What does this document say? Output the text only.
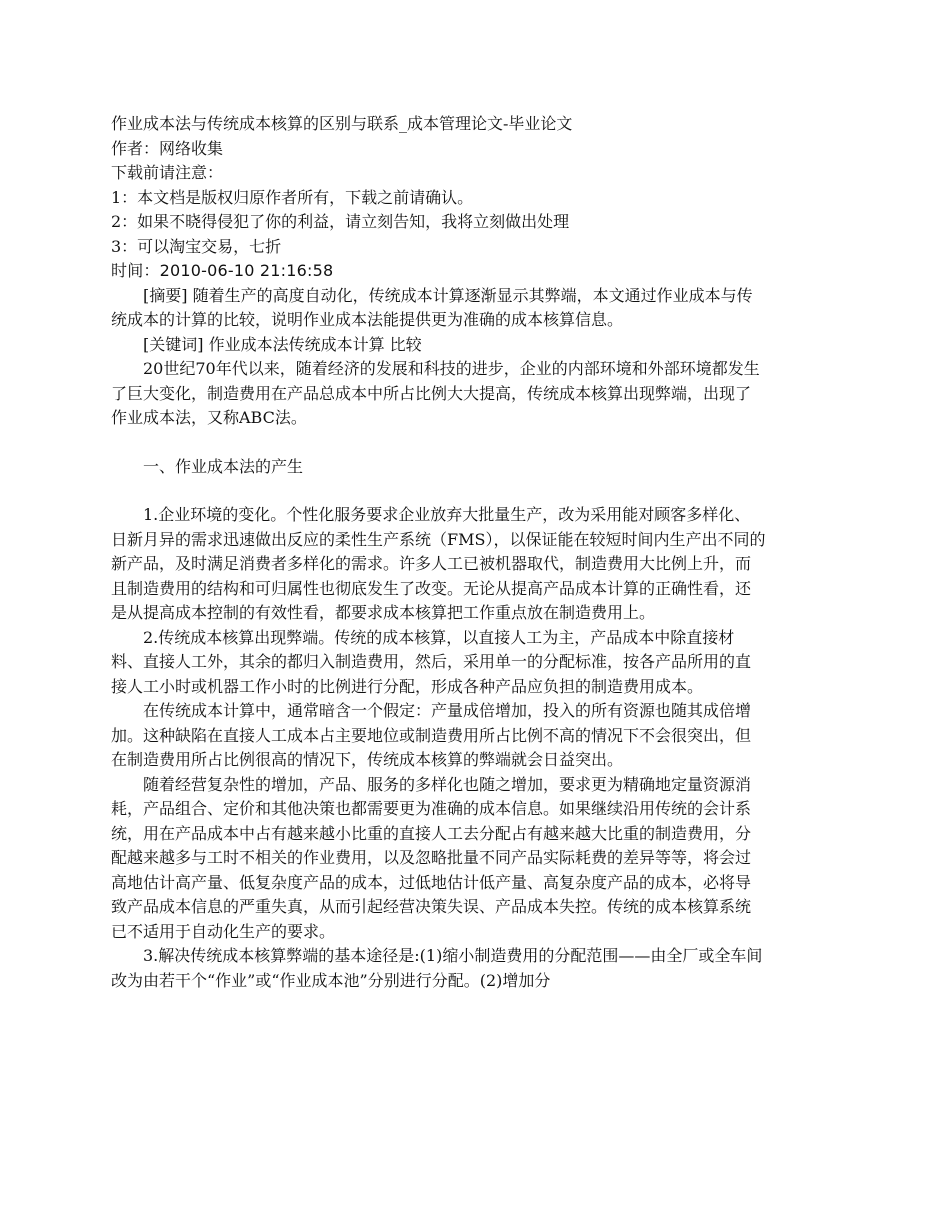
作业成本法与传统成本核算的区别与联系_成本管理论文-毕业论文

作者：网络收集

下载前请注意：

1：本文档是版权归原作者所有，下载之前请确认。

2：如果不晓得侵犯了你的利益，请立刻告知，我将立刻做出处理

3：可以淘宝交易，七折

时间：2010-06-10 21:16:58

[摘要] 随着生产的高度自动化，传统成本计算逐渐显示其弊端，本文通过作业成本与传统成本的计算的比较，说明作业成本法能提供更为准确的成本核算信息。

[关键词] 作业成本法传统成本计算 比较

20世纪70年代以来，随着经济的发展和科技的进步，企业的内部环境和外部环境都发生了巨大变化，制造费用在产品总成本中所占比例大大提高，传统成本核算出现弊端，出现了作业成本法，又称ABC法。

一、作业成本法的产生

1.企业环境的变化。个性化服务要求企业放弃大批量生产，改为采用能对顾客多样化、日新月异的需求迅速做出反应的柔性生产系统（FMS），以保证能在较短时间内生产出不同的新产品，及时满足消费者多样化的需求。许多人工已被机器取代，制造费用大比例上升，而且制造费用的结构和可归属性也彻底发生了改变。无论从提高产品成本计算的正确性看，还是从提高成本控制的有效性看，都要求成本核算把工作重点放在制造费用上。

2.传统成本核算出现弊端。传统的成本核算，以直接人工为主，产品成本中除直接材料、直接人工外，其余的都归入制造费用，然后，采用单一的分配标准，按各产品所用的直接人工小时或机器工作小时的比例进行分配，形成各种产品应负担的制造费用成本。

在传统成本计算中，通常暗含一个假定：产量成倍增加，投入的所有资源也随其成倍增加。这种缺陷在直接人工成本占主要地位或制造费用所占比例不高的情况下不会很突出，但在制造费用所占比例很高的情况下，传统成本核算的弊端就会日益突出。

随着经营复杂性的增加，产品、服务的多样化也随之增加，要求更为精确地定量资源消耗，产品组合、定价和其他决策也都需要更为准确的成本信息。如果继续沿用传统的会计系统，用在产品成本中占有越来越小比重的直接人工去分配占有越来越大比重的制造费用，分配越来越多与工时不相关的作业费用，以及忽略批量不同产品实际耗费的差异等等，将会过高地估计高产量、低复杂度产品的成本，过低地估计低产量、高复杂度产品的成本，必将导致产品成本信息的严重失真，从而引起经营决策失误、产品成本失控。传统的成本核算系统已不适用于自动化生产的要求。

3.解决传统成本核算弊端的基本途径是:(1)缩小制造费用的分配范围——由全厂或全车间改为由若干个“作业”或“作业成本池”分别进行分配。(2)增加分
